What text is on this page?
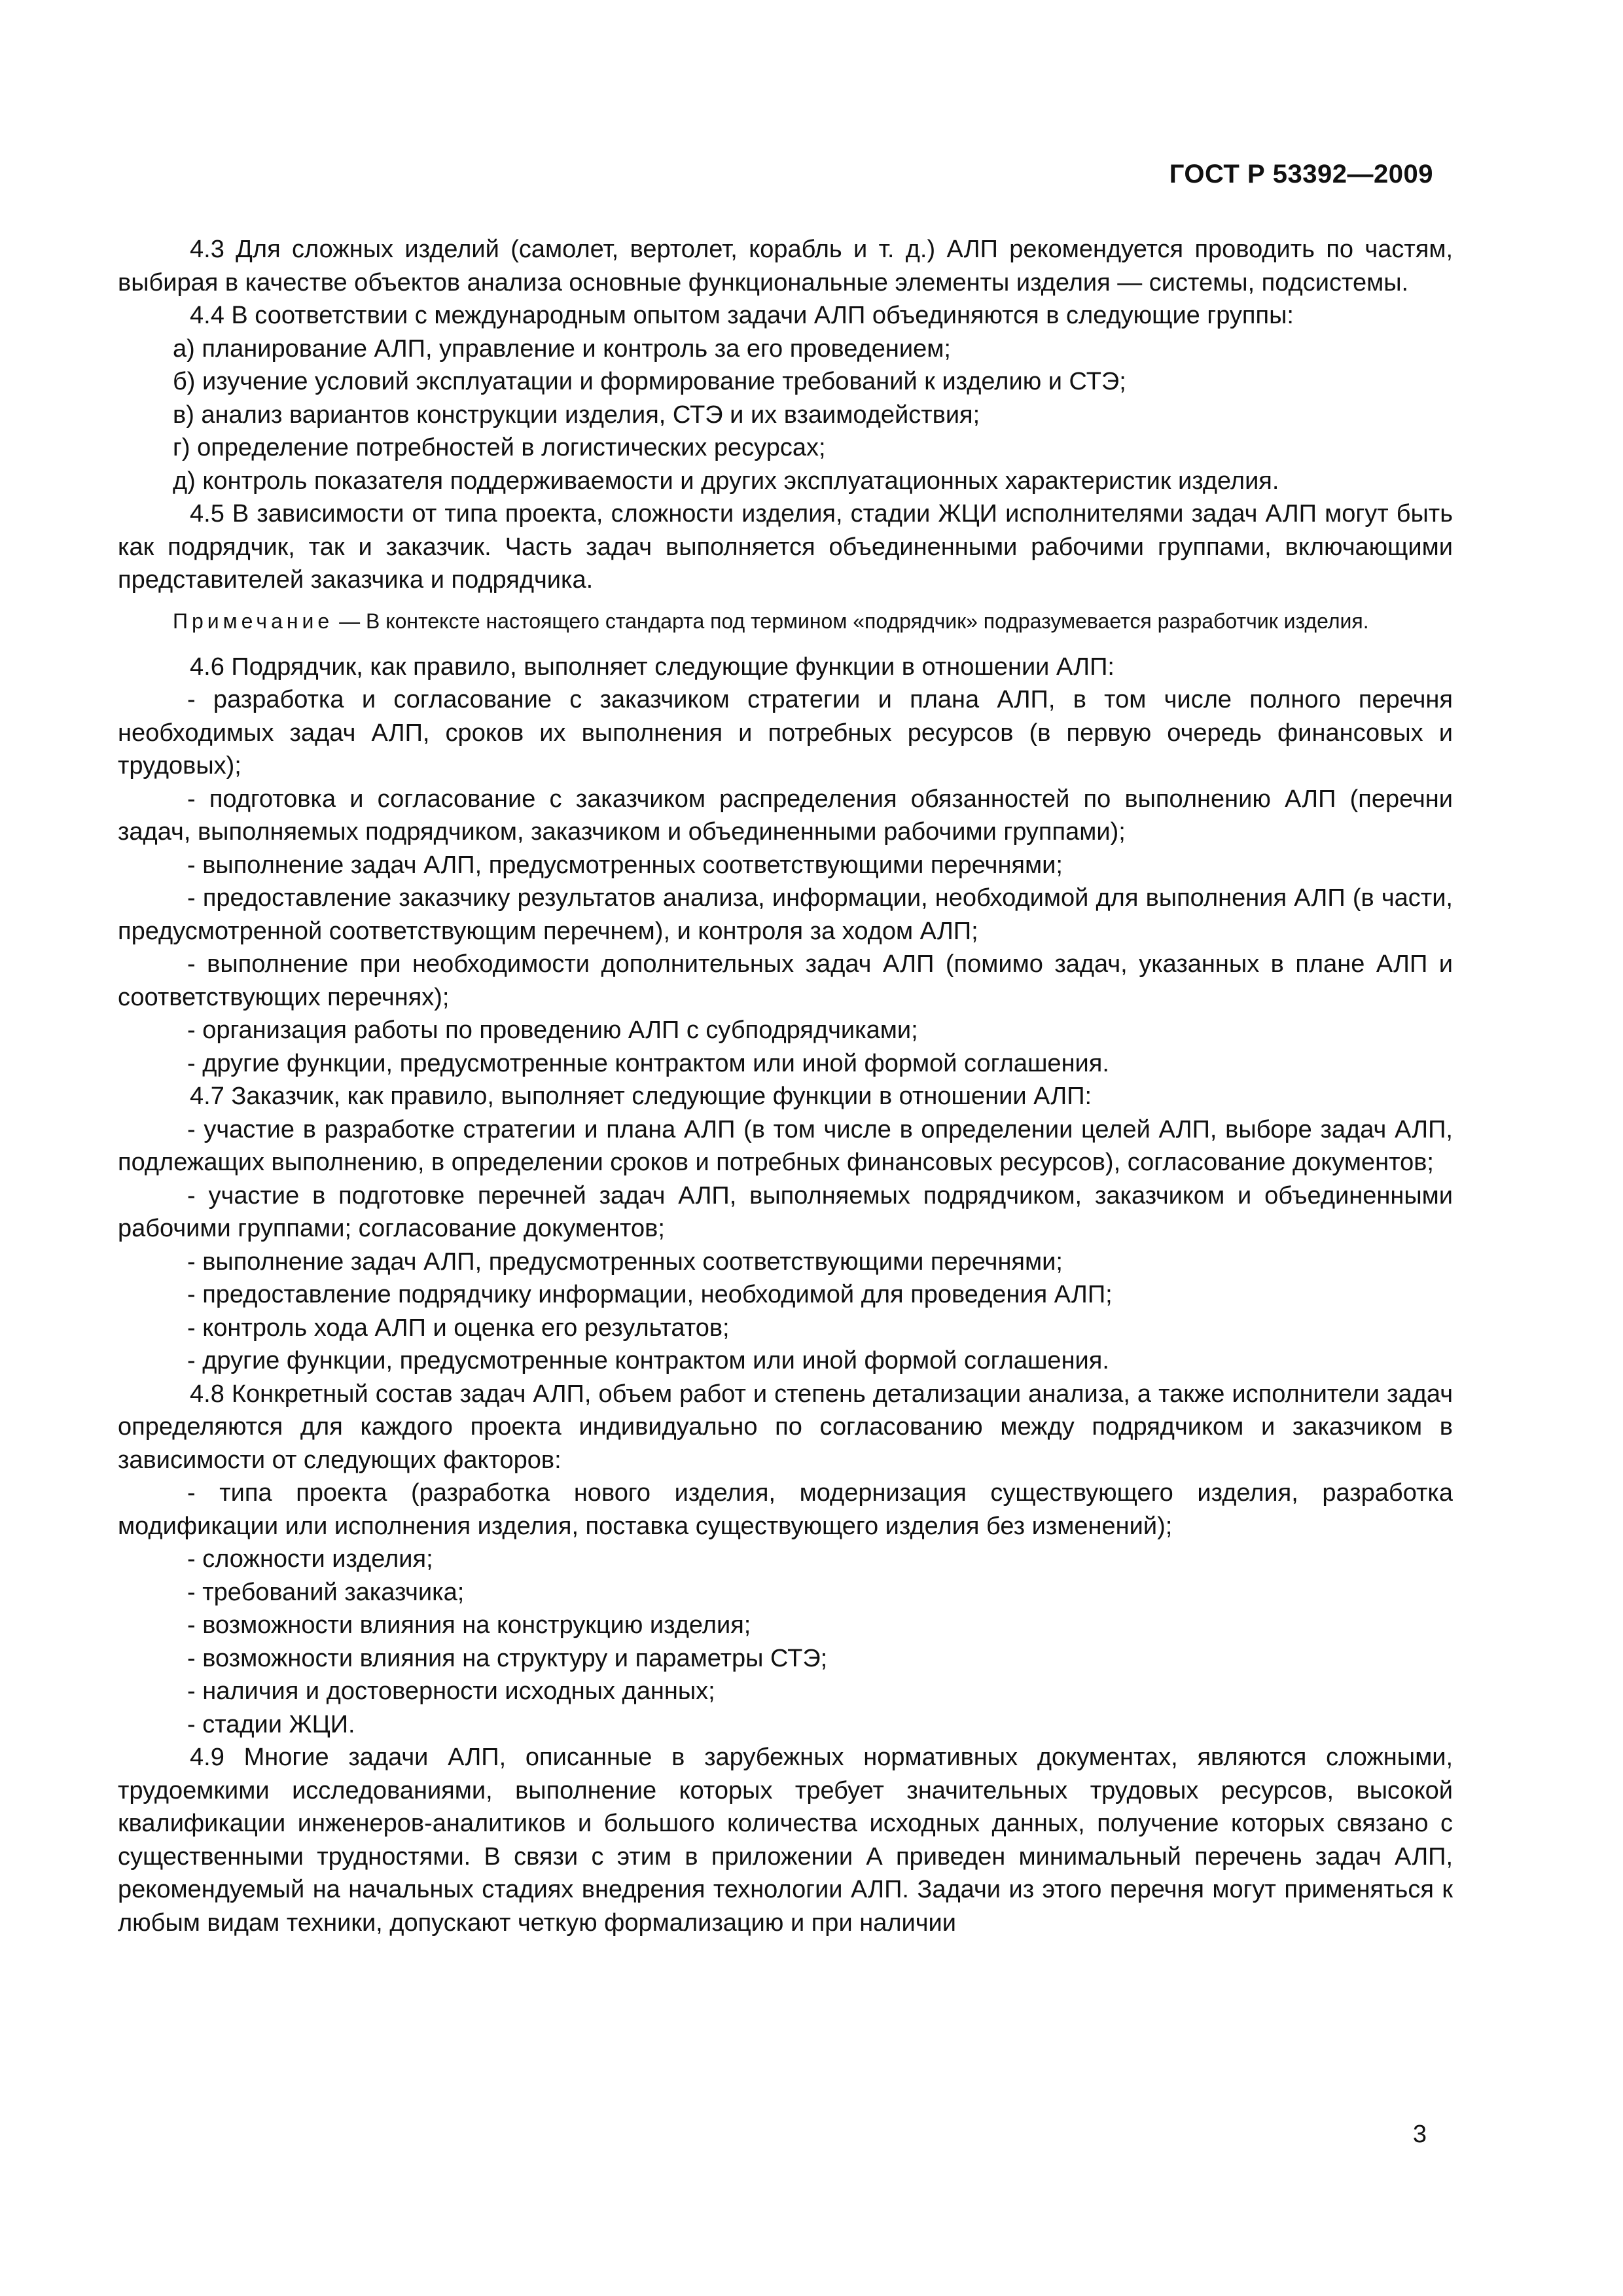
ГОСТ Р 53392—2009

4.3 Для сложных изделий (самолет, вертолет, корабль и т. д.) АЛП рекомендуется проводить по частям, выбирая в качестве объектов анализа основные функциональные элементы изделия — системы, подсистемы.

4.4 В соответствии с международным опытом задачи АЛП объединяются в следующие группы:

а) планирование АЛП, управление и контроль за его проведением;

б) изучение условий эксплуатации и формирование требований к изделию и СТЭ;

в) анализ вариантов конструкции изделия, СТЭ и их взаимодействия;

г) определение потребностей в логистических ресурсах;

д) контроль показателя поддерживаемости и других эксплуатационных характеристик изделия.

4.5 В зависимости от типа проекта, сложности изделия, стадии ЖЦИ исполнителями задач АЛП могут быть как подрядчик, так и заказчик. Часть задач выполняется объединенными рабочими группами, включающими представителей заказчика и подрядчика.

Примечание — В контексте настоящего стандарта под термином «подрядчик» подразумевается разработчик изделия.

4.6 Подрядчик, как правило, выполняет следующие функции в отношении АЛП:

- разработка и согласование с заказчиком стратегии и плана АЛП, в том числе полного перечня необходимых задач АЛП, сроков их выполнения и потребных ресурсов (в первую очередь финансовых и трудовых);

- подготовка и согласование с заказчиком распределения обязанностей по выполнению АЛП (перечни задач, выполняемых подрядчиком, заказчиком и объединенными рабочими группами);

- выполнение задач АЛП, предусмотренных соответствующими перечнями;

- предоставление заказчику результатов анализа, информации, необходимой для выполнения АЛП (в части, предусмотренной соответствующим перечнем), и контроля за ходом АЛП;

- выполнение при необходимости дополнительных задач АЛП (помимо задач, указанных в плане АЛП и соответствующих перечнях);

- организация работы по проведению АЛП с субподрядчиками;

- другие функции, предусмотренные контрактом или иной формой соглашения.

4.7 Заказчик, как правило, выполняет следующие функции в отношении АЛП:

- участие в разработке стратегии и плана АЛП (в том числе в определении целей АЛП, выборе задач АЛП, подлежащих выполнению, в определении сроков и потребных финансовых ресурсов), согласование документов;

- участие в подготовке перечней задач АЛП, выполняемых подрядчиком, заказчиком и объединенными рабочими группами; согласование документов;

- выполнение задач АЛП, предусмотренных соответствующими перечнями;

- предоставление подрядчику информации, необходимой для проведения АЛП;

- контроль хода АЛП и оценка его результатов;

- другие функции, предусмотренные контрактом или иной формой соглашения.

4.8 Конкретный состав задач АЛП, объем работ и степень детализации анализа, а также исполнители задач определяются для каждого проекта индивидуально по согласованию между подрядчиком и заказчиком в зависимости от следующих факторов:

- типа проекта (разработка нового изделия, модернизация существующего изделия, разработка модификации или исполнения изделия, поставка существующего изделия без изменений);

- сложности изделия;

- требований заказчика;

- возможности влияния на конструкцию изделия;

- возможности влияния на структуру и параметры СТЭ;

- наличия и достоверности исходных данных;

- стадии ЖЦИ.

4.9 Многие задачи АЛП, описанные в зарубежных нормативных документах, являются сложными, трудоемкими исследованиями, выполнение которых требует значительных трудовых ресурсов, высокой квалификации инженеров-аналитиков и большого количества исходных данных, получение которых связано с существенными трудностями. В связи с этим в приложении А приведен минимальный перечень задач АЛП, рекомендуемый на начальных стадиях внедрения технологии АЛП. Задачи из этого перечня могут применяться к любым видам техники, допускают четкую формализацию и при наличии

3
